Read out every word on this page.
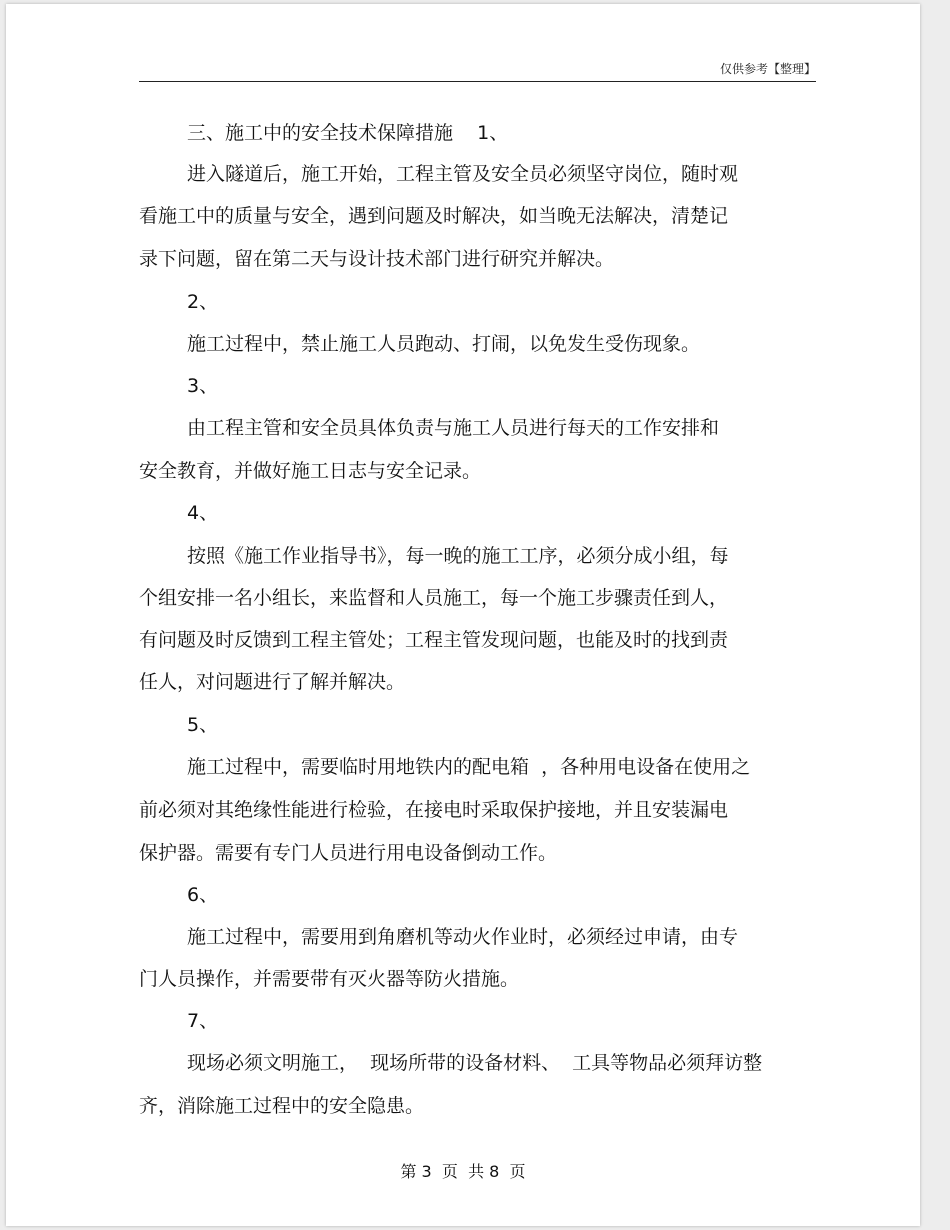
仅供参考【整理】
三、施工中的安全技术保障措施    1、
进入隧道后，施工开始，工程主管及安全员必须坚守岗位，随时观
看施工中的质量与安全，遇到问题及时解决，如当晚无法解决，清楚记
录下问题，留在第二天与设计技术部门进行研究并解决。
2、
施工过程中，禁止施工人员跑动、打闹，以免发生受伤现象。
3、
由工程主管和安全员具体负责与施工人员进行每天的工作安排和
安全教育，并做好施工日志与安全记录。
4、
按照《施工作业指导书》，每一晚的施工工序，必须分成小组，每
个组安排一名小组长，来监督和人员施工，每一个施工步骤责任到人，
有问题及时反馈到工程主管处；工程主管发现问题，也能及时的找到责
任人，对问题进行了解并解决。
5、
施工过程中，需要临时用地铁内的配电箱  ，各种用电设备在使用之
前必须对其绝缘性能进行检验，在接电时采取保护接地，并且安装漏电
保护器。需要有专门人员进行用电设备倒动工作。
6、
施工过程中，需要用到角磨机等动火作业时，必须经过申请，由专
门人员操作，并需要带有灭火器等防火措施。
7、
现场必须文明施工，  现场所带的设备材料、  工具等物品必须拜访整
齐，消除施工过程中的安全隐患。
第 3  页  共 8  页
